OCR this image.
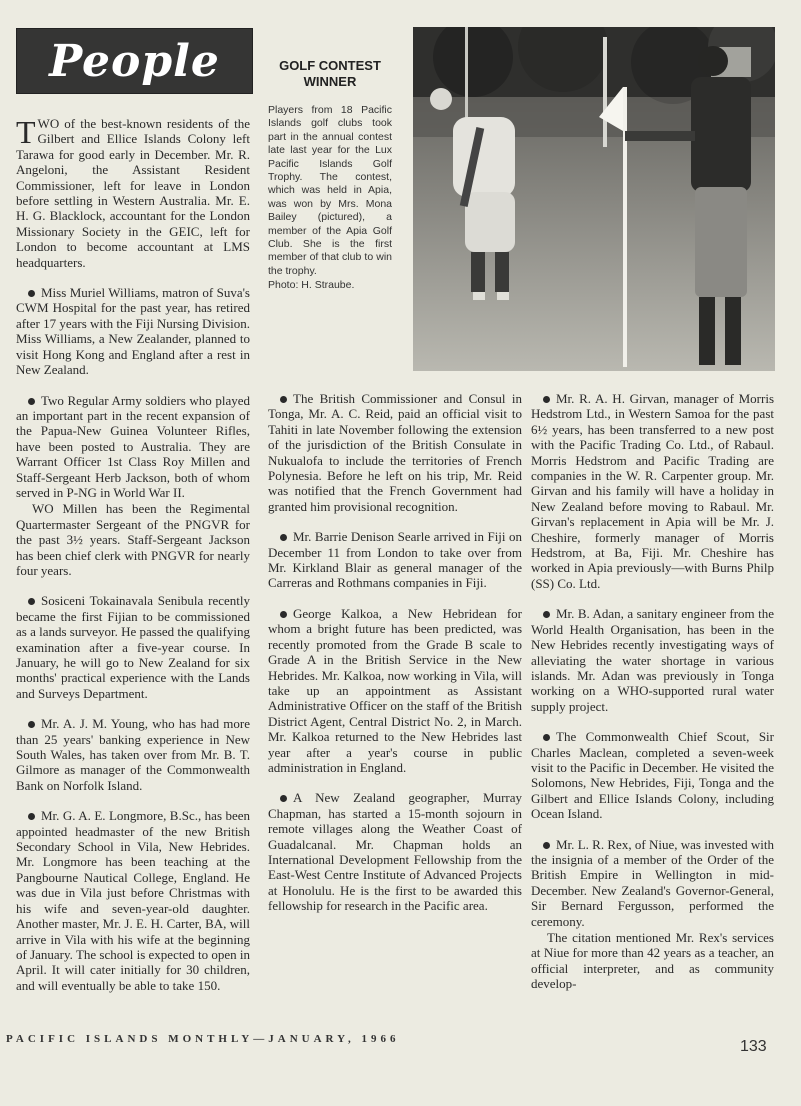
People	GOLF CONTEST WINNER
Players from 18 Pacific Islands golf clubs took part in the annual contest late last year for the Lux Pacific Islands Golf Trophy. The contest, which was held in Apia, was won by Mrs. Mona Bailey (pictured), a member of the Apia Golf Club. She is the first member of that club to win the trophy.
Photo: H. Straube.

TWO of the best-known residents of the Gilbert and Ellice Islands Colony left Tarawa for good early in December. Mr. R. Angeloni, the Assistant Resident Commissioner, left for leave in London before settling in Western Australia. Mr. E. H. G. Blacklock, accountant for the London Missionary Society in the GEIC, left for London to become accountant at LMS headquarters.

Miss Muriel Williams, matron of Suva's CWM Hospital for the past year, has retired after 17 years with the Fiji Nursing Division. Miss Williams, a New Zealander, planned to visit Hong Kong and England after a rest in New Zealand.

Two Regular Army soldiers who played an important part in the recent expansion of the Papua-New Guinea Volunteer Rifles, have been posted to Australia. They are Warrant Officer 1st Class Roy Millen and Staff-Sergeant Herb Jackson, both of whom served in P-NG in World War II.

WO Millen has been the Regimental Quartermaster Sergeant of the PNGVR for the past 3½ years. Staff-Sergeant Jackson has been chief clerk with PNGVR for nearly four years.

Sosiceni Tokainavala Senibula recently became the first Fijian to be commissioned as a lands surveyor. He passed the qualifying examination after a five-year course. In January, he will go to New Zealand for six months' practical experience with the Lands and Surveys Department.

Mr. A. J. M. Young, who has had more than 25 years' banking experience in New South Wales, has taken over from Mr. B. T. Gilmore as manager of the Commonwealth Bank on Norfolk Island.

Mr. G. A. E. Longmore, B.Sc., has been appointed headmaster of the new British Secondary School in Vila, New Hebrides. Mr. Longmore has been teaching at the Pangbourne Nautical College, England. He was due in Vila just before Christmas with his wife and seven-year-old daughter. Another master, Mr. J. E. H. Carter, BA, will arrive in Vila with his wife at the beginning of January. The school is expected to open in April. It will cater initially for 30 children, and will eventually be able to take 150.

The British Commissioner and Consul in Tonga, Mr. A. C. Reid, paid an official visit to Tahiti in late November following the extension of the jurisdiction of the British Consulate in Nukualofa to include the territories of French Polynesia. Before he left on his trip, Mr. Reid was notified that the French Government had granted him provisional recognition.

Mr. Barrie Denison Searle arrived in Fiji on December 11 from London to take over from Mr. Kirkland Blair as general manager of the Carreras and Rothmans companies in Fiji.

George Kalkoa, a New Hebridean for whom a bright future has been predicted, was recently promoted from the Grade B scale to Grade A in the British Service in the New Hebrides. Mr. Kalkoa, now working in Vila, will take up an appointment as Assistant Administrative Officer on the staff of the British District Agent, Central District No. 2, in March. Mr. Kalkoa returned to the New Hebrides last year after a year's course in public administration in England.

A New Zealand geographer, Murray Chapman, has started a 15-month sojourn in remote villages along the Weather Coast of Guadalcanal. Mr. Chapman holds an International Development Fellowship from the East-West Centre Institute of Advanced Projects at Honolulu. He is the first to be awarded this fellowship for research in the Pacific area.

Mr. R. A. H. Girvan, manager of Morris Hedstrom Ltd., in Western Samoa for the past 6½ years, has been transferred to a new post with the Pacific Trading Co. Ltd., of Rabaul. Morris Hedstrom and Pacific Trading are companies in the W. R. Carpenter group. Mr. Girvan and his family will have a holiday in New Zealand before moving to Rabaul. Mr. Girvan's replacement in Apia will be Mr. J. Cheshire, formerly manager of Morris Hedstrom, at Ba, Fiji. Mr. Cheshire has worked in Apia previously—with Burns Philp (SS) Co. Ltd.

Mr. B. Adan, a sanitary engineer from the World Health Organisation, has been in the New Hebrides recently investigating ways of alleviating the water shortage in various islands. Mr. Adan was previously in Tonga working on a WHO-supported rural water supply project.

The Commonwealth Chief Scout, Sir Charles Maclean, completed a seven-week visit to the Pacific in December. He visited the Solomons, New Hebrides, Fiji, Tonga and the Gilbert and Ellice Islands Colony, including Ocean Island.

Mr. L. R. Rex, of Niue, was invested with the insignia of a member of the Order of the British Empire in Wellington in mid-December. New Zealand's Governor-General, Sir Bernard Fergusson, performed the ceremony.

The citation mentioned Mr. Rex's services at Niue for more than 42 years as a teacher, an official interpreter, and as community develop-

PACIFIC ISLANDS MONTHLY—JANUARY, 1966	133
